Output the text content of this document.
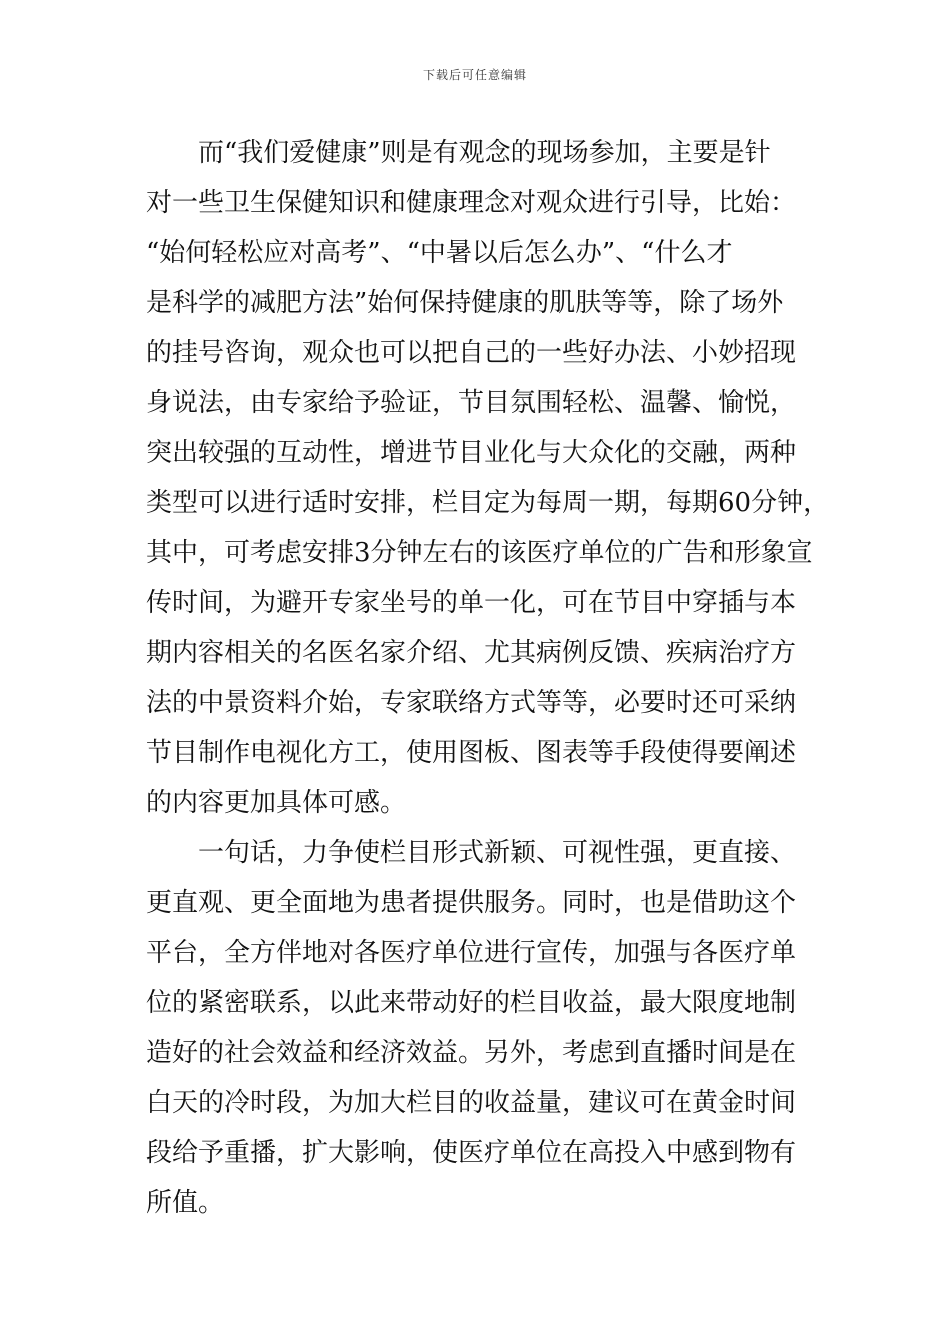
下载后可任意编辑
　　而“我们爱健康”则是有观念的现场参加，主要是针
对一些卫生保健知识和健康理念对观众进行引导，比始：
“始何轻松应对高考”、“中暑以后怎么办”、“什么才
是科学的减肥方法”始何保持健康的肌肤等等，除了场外
的挂号咨询，观众也可以把自己的一些好办法、小妙招现
身说法，由专家给予验证，节目氛围轻松、温馨、愉悦，
突出较强的互动性，增进节目业化与大众化的交融，两种
类型可以进行适时安排，栏目定为每周一期，每期60分钟，
其中，可考虑安排3分钟左右的该医疗单位的广告和形象宣
传时间，为避开专家坐号的单一化，可在节目中穿插与本
期内容相关的名医名家介绍、尤其病例反馈、疾病治疗方
法的中景资料介始，专家联络方式等等，必要时还可采纳
节目制作电视化方工，使用图板、图表等手段使得要阐述
的内容更加具体可感。
　　一句话，力争使栏目形式新颖、可视性强，更直接、
更直观、更全面地为患者提供服务。同时，也是借助这个
平台，全方伴地对各医疗单位进行宣传，加强与各医疗单
位的紧密联系，以此来带动好的栏目收益，最大限度地制
造好的社会效益和经济效益。另外，考虑到直播时间是在
白天的冷时段，为加大栏目的收益量，建议可在黄金时间
段给予重播，扩大影响，使医疗单位在高投入中感到物有
所值。
